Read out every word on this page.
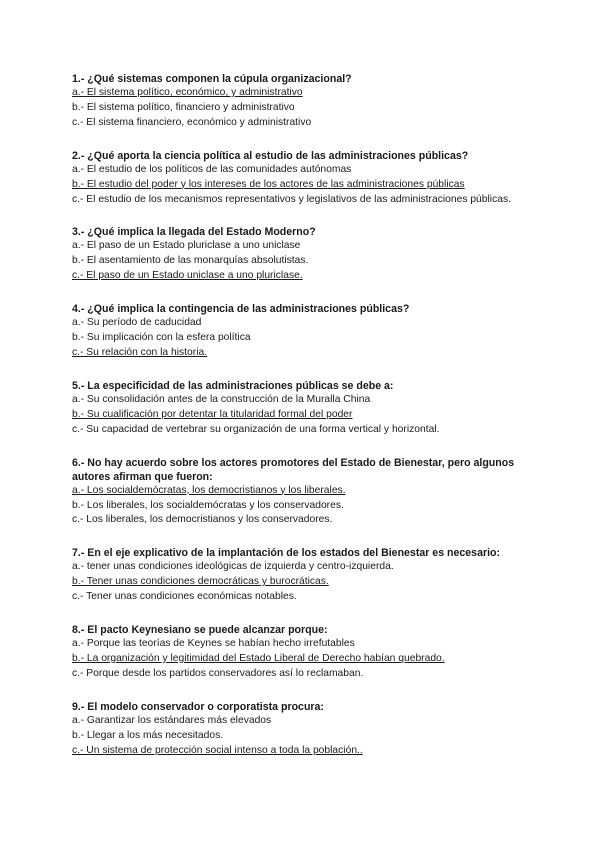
1.- ¿Qué sistemas componen la cúpula organizacional?

a.- El sistema político, económico, y administrativo

b.- El sistema político, financiero y administrativo

c.- El sistema financiero, económico y administrativo

2.- ¿Qué aporta la ciencia política al estudio de las administraciones públicas?

a.- El estudio de los políticos de las comunidades autónomas

b.- El estudio del poder y los intereses de los actores de las administraciones públicas

c.- El estudio de los mecanismos representativos y legislativos de las administraciones públicas.

3.- ¿Qué implica la llegada del Estado Moderno?

a.- El paso de un Estado pluriclase a uno uniclase

b.- El asentamiento de las monarquías absolutistas.

c.- El paso de un Estado uniclase a uno pluriclase.

4.- ¿Qué implica la contingencia de las administraciones públicas?

a.- Su período de caducidad

b.- Su implicación con la esfera política

c.- Su relación con la historia.

5.- La especificidad de las administraciones públicas se debe a:

a.- Su consolidación antes de la construcción de la Muralla China

b.- Su cualificación por detentar la titularidad formal del poder

c.- Su capacidad de vertebrar su organización de una forma vertical y horizontal.

6.- No hay acuerdo sobre los actores promotores del Estado de Bienestar, pero algunos autores afirman que fueron:

a.- Los socialdemócratas, los democristianos y los liberales.

b.- Los liberales, los socialdemócratas y los conservadores.

c.- Los liberales, los democristianos y los conservadores.

7.- En el eje explicativo de la implantación de los estados del Bienestar es necesario:

a.- tener unas condiciones ideológicas de izquierda y centro-izquierda.

b.- Tener unas condiciones democráticas y burocráticas.

c.- Tener unas condiciones económicas notables.

8.- El pacto Keynesiano se puede alcanzar porque:

a.- Porque las teorías de Keynes se habían hecho irrefutables

b.- La organización y legitimidad del Estado Liberal de Derecho habían quebrado.

c.- Porque desde los partidos conservadores así lo reclamaban.

9.- El modelo conservador o corporatista procura:

a.- Garantizar los estándares más elevados

b.- Llegar a los más necesitados.

c.- Un sistema de protección social intenso a toda la población..
